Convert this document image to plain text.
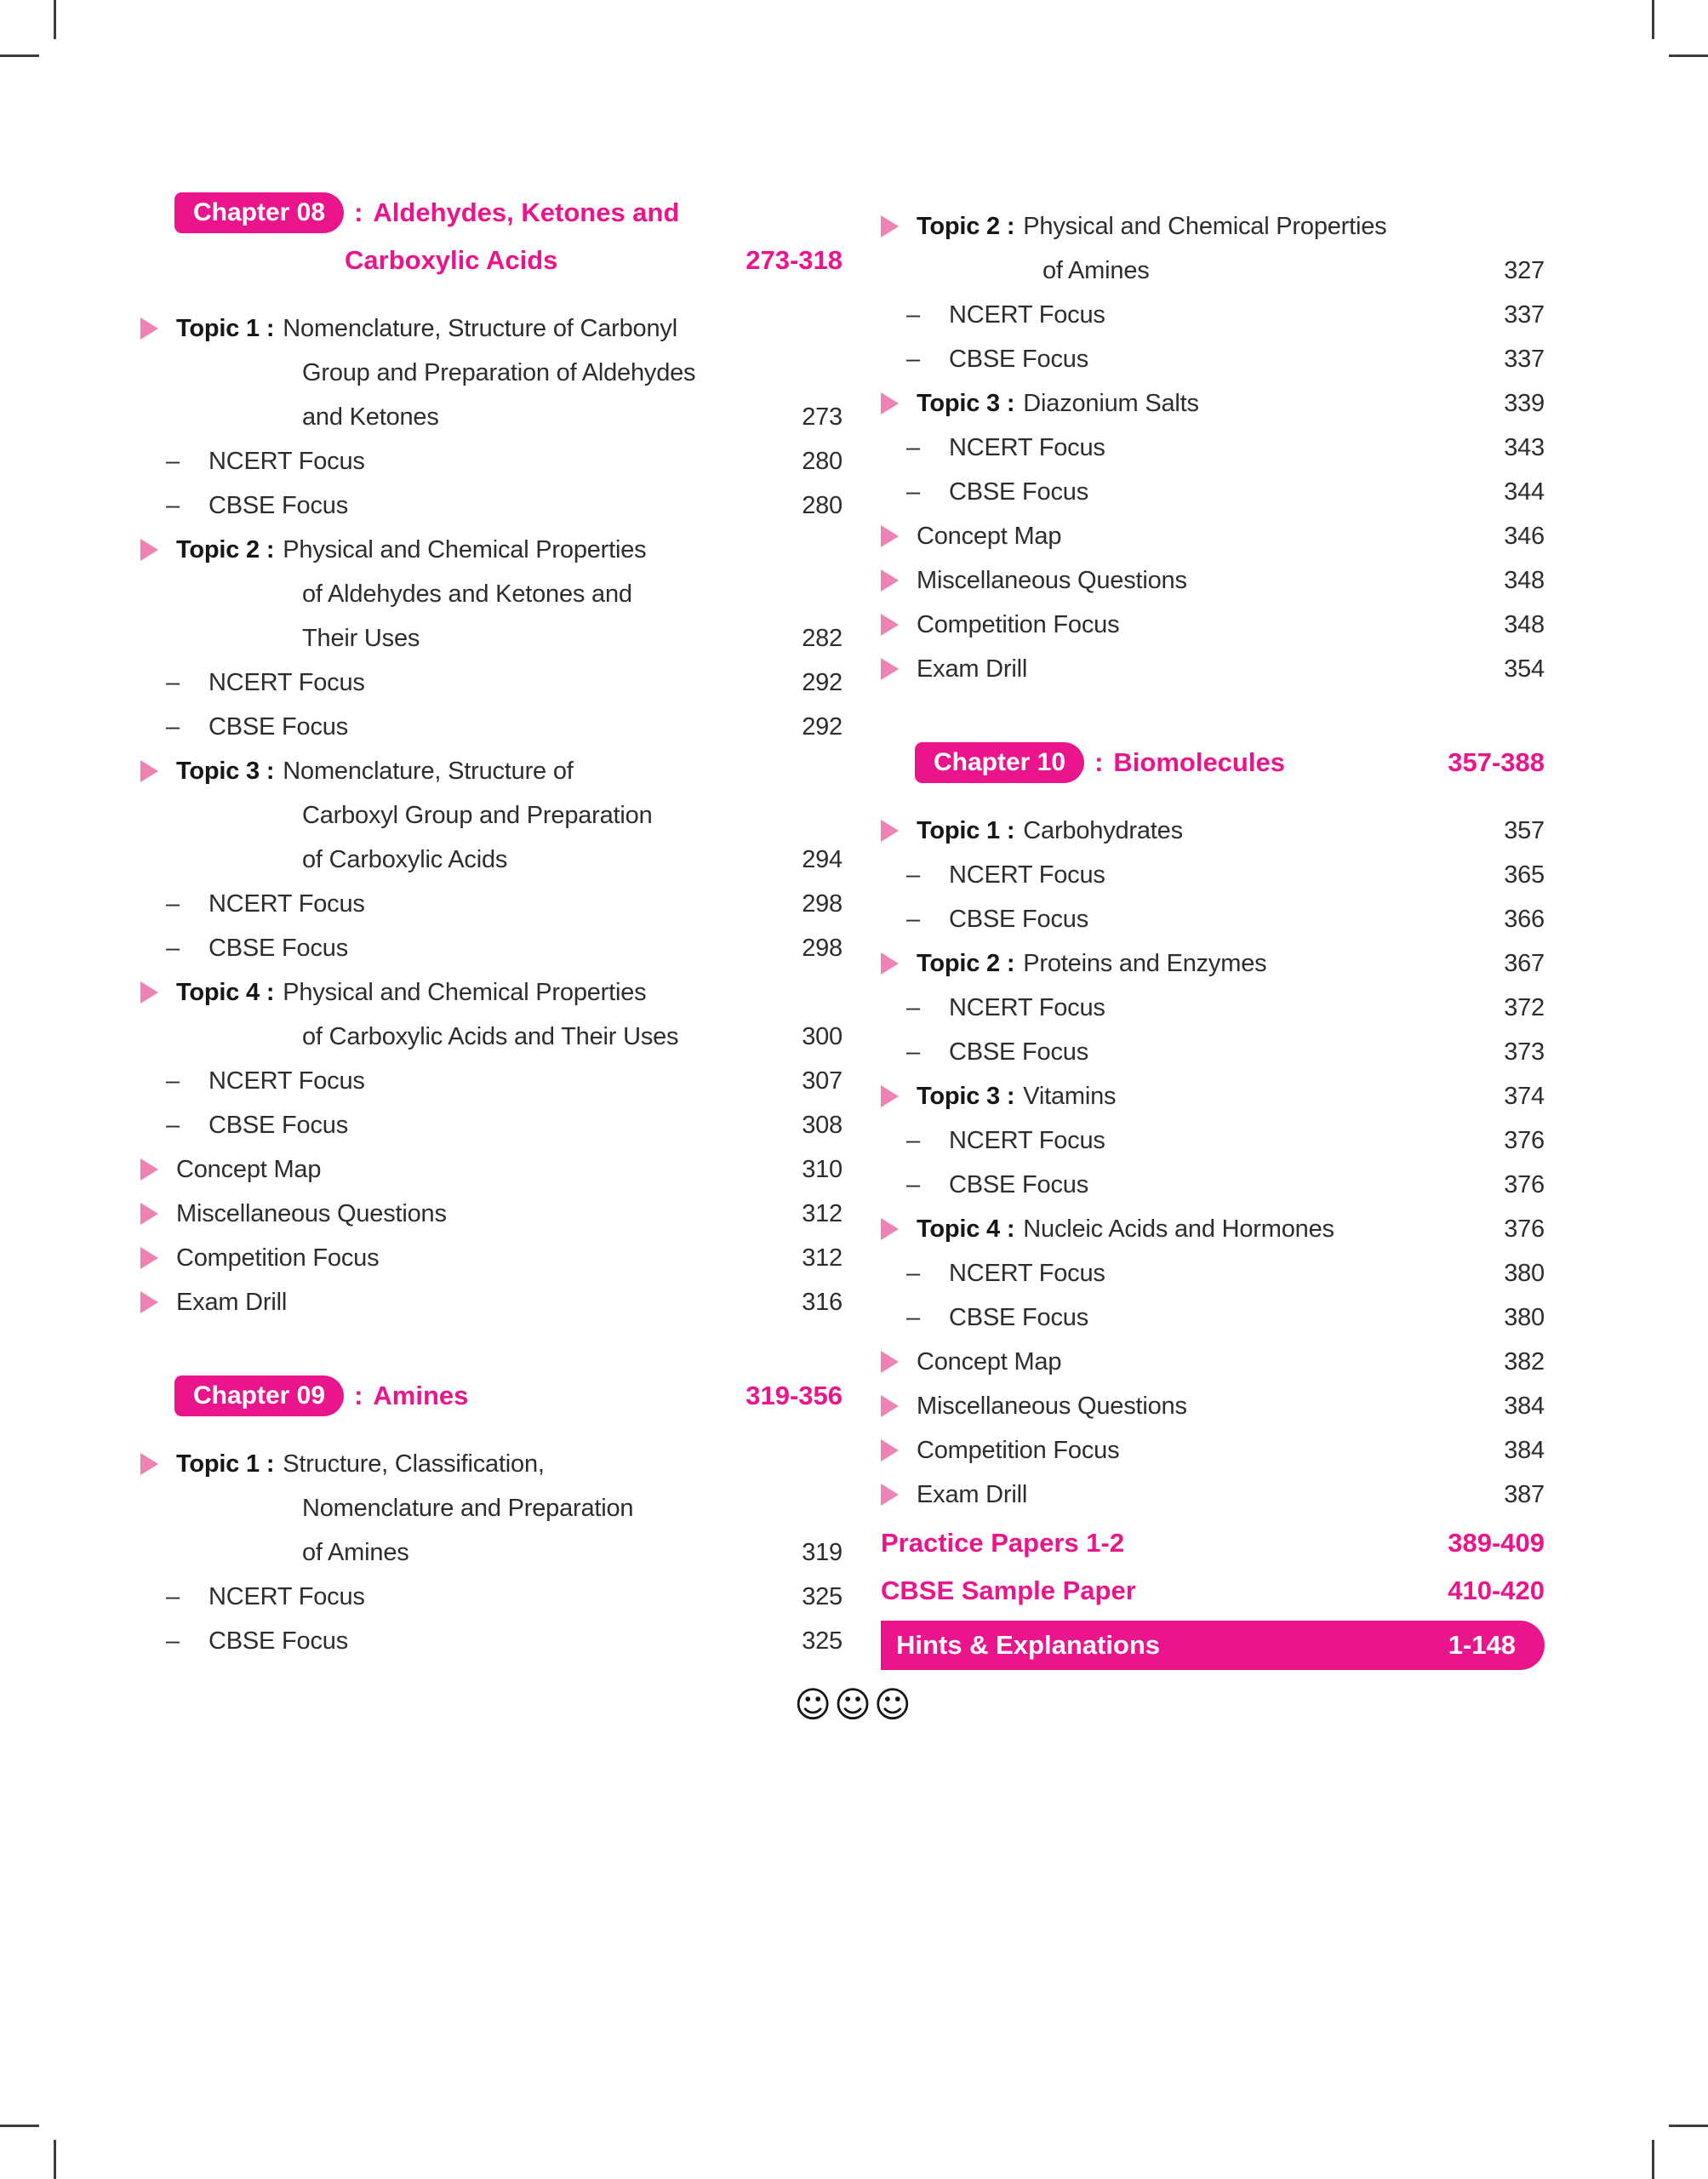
Chapter 08	: Aldehydes, Ketones and
Carboxylic Acids	273-318
Topic 1 : Nomenclature, Structure of Carbonyl
Group and Preparation of Aldehydes
and Ketones	273
–	NCERT Focus	280
–	CBSE Focus	280
Topic 2 : Physical and Chemical Properties
of Aldehydes and Ketones and
Their Uses	282
–	NCERT Focus	292
–	CBSE Focus	292
Topic 3 : Nomenclature, Structure of
Carboxyl Group and Preparation
of Carboxylic Acids	294
–	NCERT Focus	298
–	CBSE Focus	298
Topic 4 : Physical and Chemical Properties
of Carboxylic Acids and Their Uses	300
–	NCERT Focus	307
–	CBSE Focus	308
Concept Map	310
Miscellaneous Questions	312
Competition Focus	312
Exam Drill	316
Chapter 09	: Amines	319-356
Topic 1 : Structure, Classification,
Nomenclature and Preparation
of Amines	319
–	NCERT Focus	325
–	CBSE Focus	325
Topic 2 : Physical and Chemical Properties
of Amines	327
–	NCERT Focus	337
–	CBSE Focus	337
Topic 3 : Diazonium Salts	339
–	NCERT Focus	343
–	CBSE Focus	344
Concept Map	346
Miscellaneous Questions	348
Competition Focus	348
Exam Drill	354
Chapter 10	: Biomolecules	357-388
Topic 1 : Carbohydrates	357
–	NCERT Focus	365
–	CBSE Focus	366
Topic 2 : Proteins and Enzymes	367
–	NCERT Focus	372
–	CBSE Focus	373
Topic 3 : Vitamins	374
–	NCERT Focus	376
–	CBSE Focus	376
Topic 4 : Nucleic Acids and Hormones	376
–	NCERT Focus	380
–	CBSE Focus	380
Concept Map	382
Miscellaneous Questions	384
Competition Focus	384
Exam Drill	387
Practice Papers 1-2	389-409
CBSE Sample Paper	410-420
Hints & Explanations	1-148
☺☺☺
